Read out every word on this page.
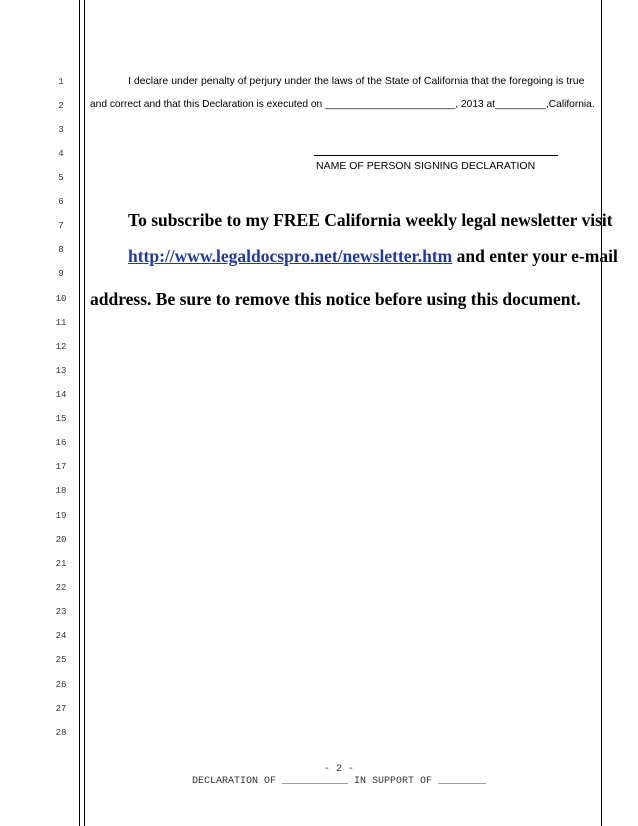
1
2
3
4
5
6
7
8
9
10
11
12
13
14
15
16
17
18
19
20
21
22
23
24
25
26
27
28
I declare under penalty of perjury under the laws of the State of California that the foregoing is true
and correct and that this Declaration is executed on _______________________, 2013 at_________,California.
NAME OF PERSON SIGNING DECLARATION
To subscribe to my FREE California weekly legal newsletter visit
http://www.legaldocspro.net/newsletter.htm and enter your e-mail
address. Be sure to remove this notice before using this document.
- 2 -
DECLARATION OF ___________ IN SUPPORT OF ________
